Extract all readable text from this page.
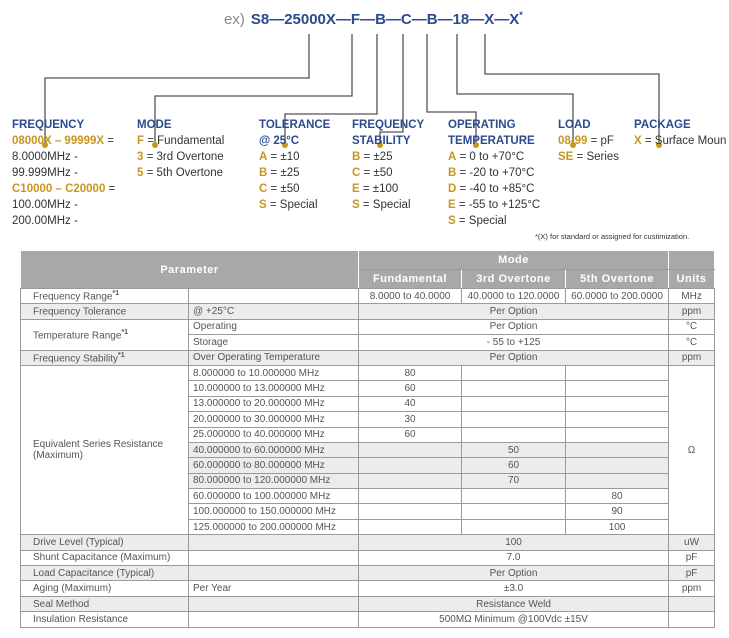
ex) S8—25000X—F—B—C—B—18—X—X*
FREQUENCY
08000X – 99999X =
8.0000MHz -
99.999MHz -
C10000 – C20000 =
100.00MHz -
200.00MHz -
MODE
F = Fundamental
3 = 3rd Overtone
5 = 5th Overtone
TOLERANCE
@ 25°C
A = ±10
B = ±25
C = ±50
S = Special
FREQUENCY
STABILITY
B = ±25
C = ±50
E = ±100
S = Special
OPERATING
TEMPERATURE
A = 0 to +70°C
B = -20 to +70°C
D = -40 to +85°C
E = -55 to +125°C
S = Special
LOAD
08-99 = pF
SE = Series
PACKAGE
X = Surface Moun
*(X) for standard or assigned for custimization.
Parameter		Mode			
		Fundamental	3rd Overtone	5th Overtone	Units
Frequency Range$^{*1}$		8.0000 to 40.0000	40.0000 to 120.0000	60.0000 to 200.0000	MHz
Frequency Tolerance	@ +25°C	Per Option			ppm
Temperature Range$^{*1}$	Operating	Per Option			°C
	Storage	- 55 to +125			°C
Frequency Stability$^{*1}$	Over Operating Temperature	Per Option			ppm
Equivalent Series Resistance (Maximum)	8.000000 to 10.000000 MHz	80			Ω
	10.000000 to 13.000000 MHz	60			
	13.000000 to 20.000000 MHz	40			
	20.000000 to 30.000000 MHz	30			
	25.000000 to 40.000000 MHz	60			
	40.000000 to 60.000000 MHz		50		
	60.000000 to 80.000000 MHz		60		
	80.000000 to 120.000000 MHz		70		
	60.000000 to 100.000000 MHz			80	
	100.000000 to 150.000000 MHz			90	
	125.000000 to 200.000000 MHz			100	
Drive Level (Typical)		100			uW
Shunt Capacitance (Maximum)		7.0			pF
Load Capacitance (Typical)		Per Option			pF
Aging (Maximum)	Per Year	±3.0			ppm
Seal Method		Resistance Weld			
Insulation Resistance		500MΩ Minimum @100Vdc ±15V			
